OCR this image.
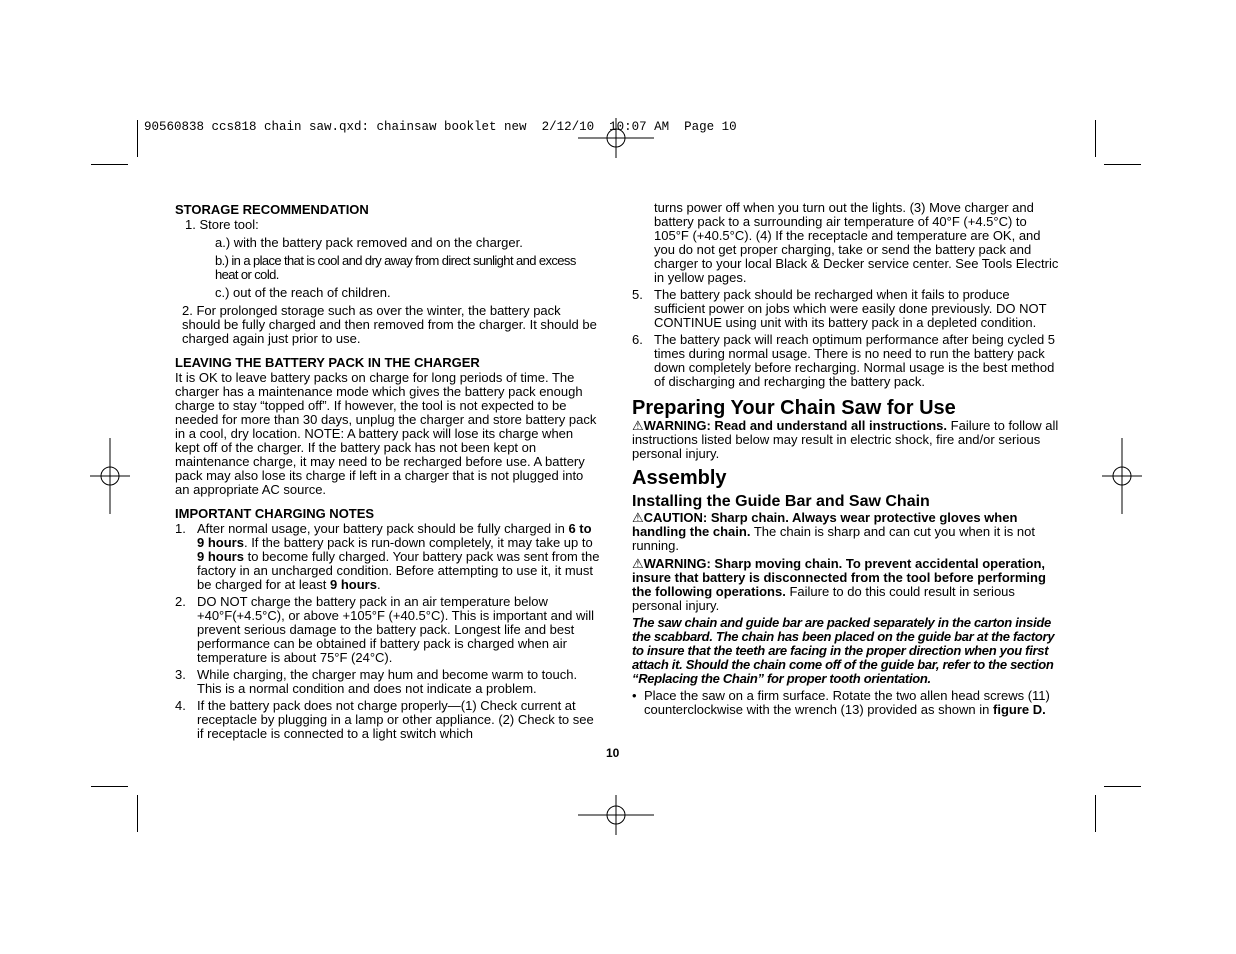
90560838 ccs818 chain saw.qxd: chainsaw booklet new  2/12/10  10:07 AM  Page 10

STORAGE RECOMMENDATION

1. Store tool:

a.) with the battery pack removed and on the charger.

b.) in a place that is cool and dry away from direct sunlight and excess heat or cold.

c.) out of the reach of children.

2. For prolonged storage such as over the winter, the battery pack should be fully charged and then removed from the charger. It should be charged again just prior to use.

LEAVING THE BATTERY PACK IN THE CHARGER

It is OK to leave battery packs on charge for long periods of time. The charger has a maintenance mode which gives the battery pack enough charge to stay “topped off”. If however, the tool is not expected to be needed for more than 30 days, unplug the charger and store battery pack in a cool, dry location. NOTE: A battery pack will lose its charge when kept off of the charger. If the battery pack has not been kept on maintenance charge, it may need to be recharged before use. A battery pack may also lose its charge if left in a charger that is not plugged into an appropriate AC source.

IMPORTANT CHARGING NOTES

1. After normal usage, your battery pack should be fully charged in 6 to 9 hours. If the battery pack is run-down completely, it may take up to 9 hours to become fully charged. Your battery pack was sent from the factory in an uncharged condition. Before attempting to use it, it must be charged for at least 9 hours.
2. DO NOT charge the battery pack in an air temperature below +40°F(+4.5°C), or above +105°F (+40.5°C). This is important and will prevent serious damage to the battery pack. Longest life and best performance can be obtained if battery pack is charged when air temperature is about 75°F (24°C).
3. While charging, the charger may hum and become warm to touch. This is a normal condition and does not indicate a problem.
4. If the battery pack does not charge properly—(1) Check current at receptacle by plugging in a lamp or other appliance. (2) Check to see if receptacle is connected to a light switch which

turns power off when you turn out the lights. (3) Move charger and battery pack to a surrounding air temperature of 40°F (+4.5°C) to 105°F (+40.5°C). (4) If the receptacle and temperature are OK, and you do not get proper charging, take or send the battery pack and charger to your local Black & Decker service center. See Tools Electric in yellow pages.

5. The battery pack should be recharged when it fails to produce sufficient power on jobs which were easily done previously. DO NOT CONTINUE using unit with its battery pack in a depleted condition.
6. The battery pack will reach optimum performance after being cycled 5 times during normal usage. There is no need to run the battery pack down completely before recharging. Normal usage is the best method of discharging and recharging the battery pack.

Preparing Your Chain Saw for Use

⚠WARNING: Read and understand all instructions. Failure to follow all instructions listed below may result in electric shock, fire and/or serious personal injury.

Assembly

Installing the Guide Bar and Saw Chain

⚠CAUTION: Sharp chain. Always wear protective gloves when handling the chain. The chain is sharp and can cut you when it is not running.

⚠WARNING: Sharp moving chain. To prevent accidental operation, insure that battery is disconnected from the tool before performing the following operations. Failure to do this could result in serious personal injury.

The saw chain and guide bar are packed separately in the carton inside the scabbard. The chain has been placed on the guide bar at the factory to insure that the teeth are facing in the proper direction when you first attach it. Should the chain come off of the guide bar, refer to the section “Replacing the Chain” for proper tooth orientation.

• Place the saw on a firm surface. Rotate the two allen head screws (11) counterclockwise with the wrench (13) provided as shown in figure D.
10
